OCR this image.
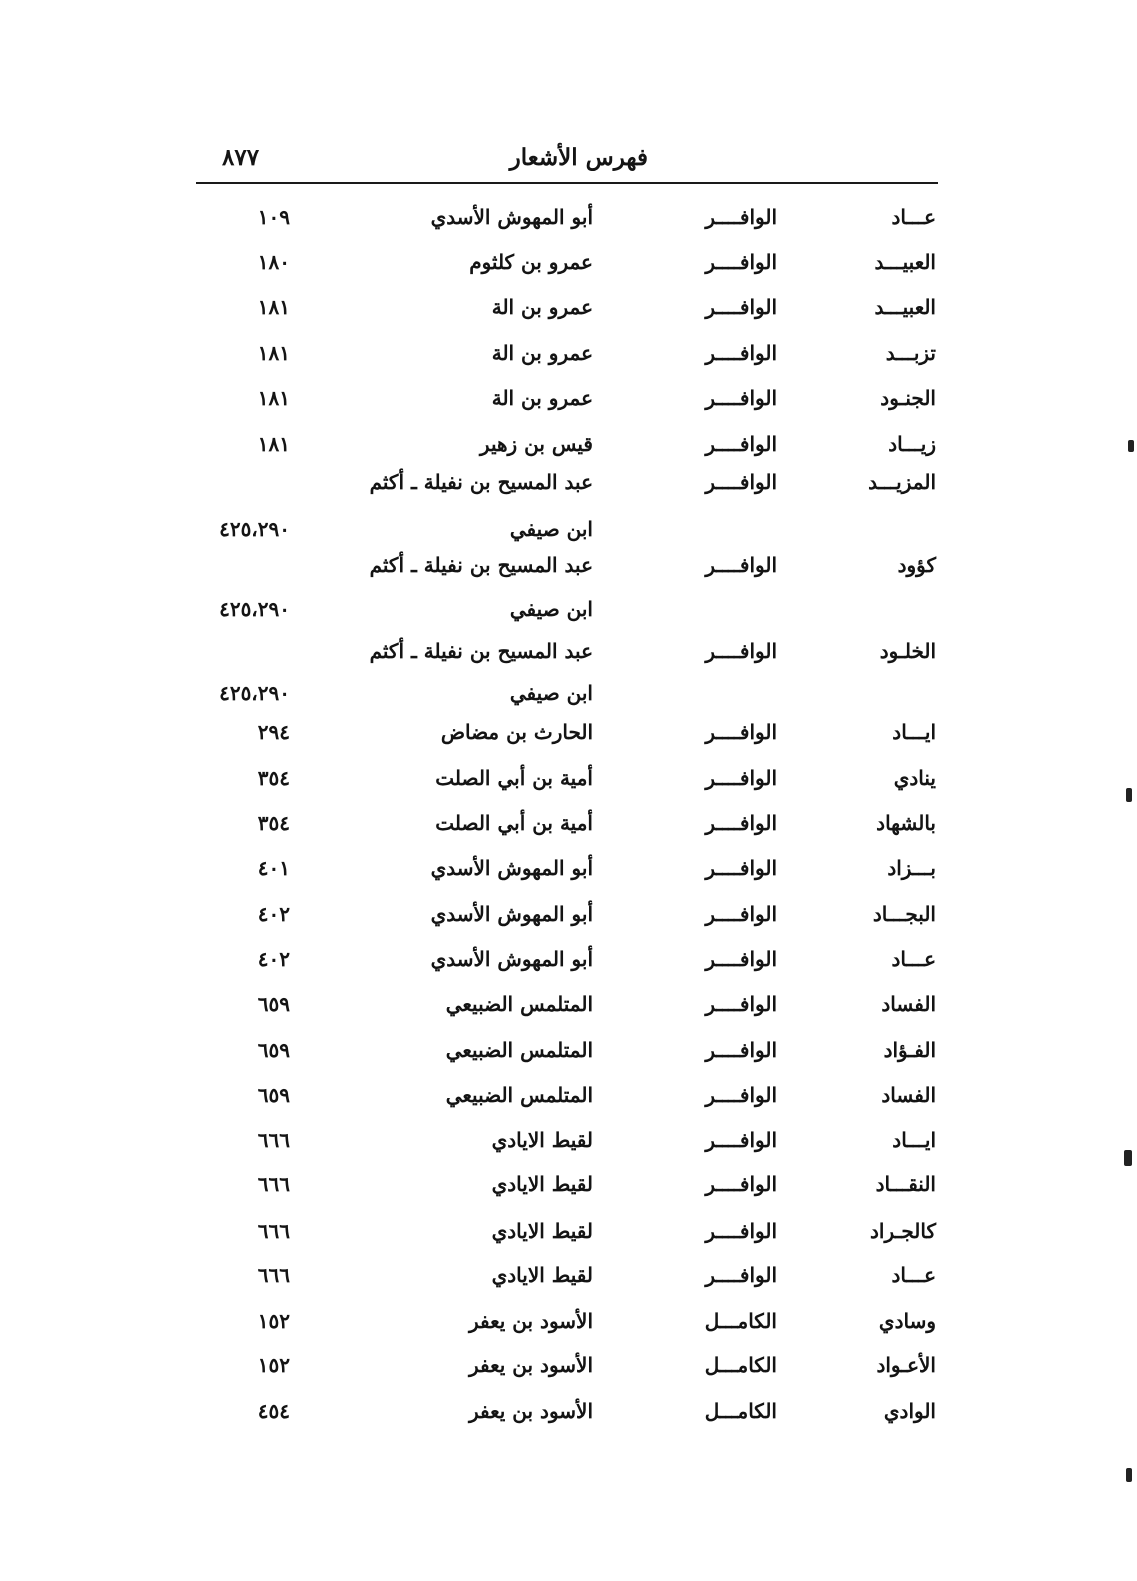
فهرس الأشعار
٨٧٧
عـــاد
الوافــــر
أبو المهوش الأسدي
١٠٩
العبيـــد
الوافــــر
عمرو بن كلثوم
١٨٠
العبيـــد
الوافــــر
عمرو بن الة
١٨١
تزبـــد
الوافــــر
عمرو بن الة
١٨١
الجنـود
الوافــــر
عمرو بن الة
١٨١
زيـــاد
الوافــــر
قيس بن زهير
١٨١
المزيـــد
الوافــــر
عبد المسيح بن نفيلة ـ أكثم
ابن صيفي
٤٢٥،٢٩٠
كؤود
الوافــــر
عبد المسيح بن نفيلة ـ أكثم
ابن صيفي
٤٢٥،٢٩٠
الخلـود
الوافــــر
عبد المسيح بن نفيلة ـ أكثم
ابن صيفي
٤٢٥،٢٩٠
ايـــاد
الوافــــر
الحارث بن مضاض
٢٩٤
ينادي
الوافــــر
أمية بن أبي الصلت
٣٥٤
بالشهاد
الوافــــر
أمية بن أبي الصلت
٣٥٤
بـــزاد
الوافــــر
أبو المهوش الأسدي
٤٠١
البجـــاد
الوافــــر
أبو المهوش الأسدي
٤٠٢
عـــاد
الوافــــر
أبو المهوش الأسدي
٤٠٢
الفساد
الوافــــر
المتلمس الضبيعي
٦٥٩
الفـؤاد
الوافــــر
المتلمس الضبيعي
٦٥٩
الفساد
الوافــــر
المتلمس الضبيعي
٦٥٩
ايـــاد
الوافــــر
لقيط الايادي
٦٦٦
النقـــاد
الوافــــر
لقيط الايادي
٦٦٦
كالجـراد
الوافــــر
لقيط الايادي
٦٦٦
عـــاد
الوافــــر
لقيط الايادي
٦٦٦
وسادي
الكامـــل
الأسود بن يعفر
١٥٢
الأعـواد
الكامـــل
الأسود بن يعفر
١٥٢
الوادي
الكامـــل
الأسود بن يعفر
٤٥٤
